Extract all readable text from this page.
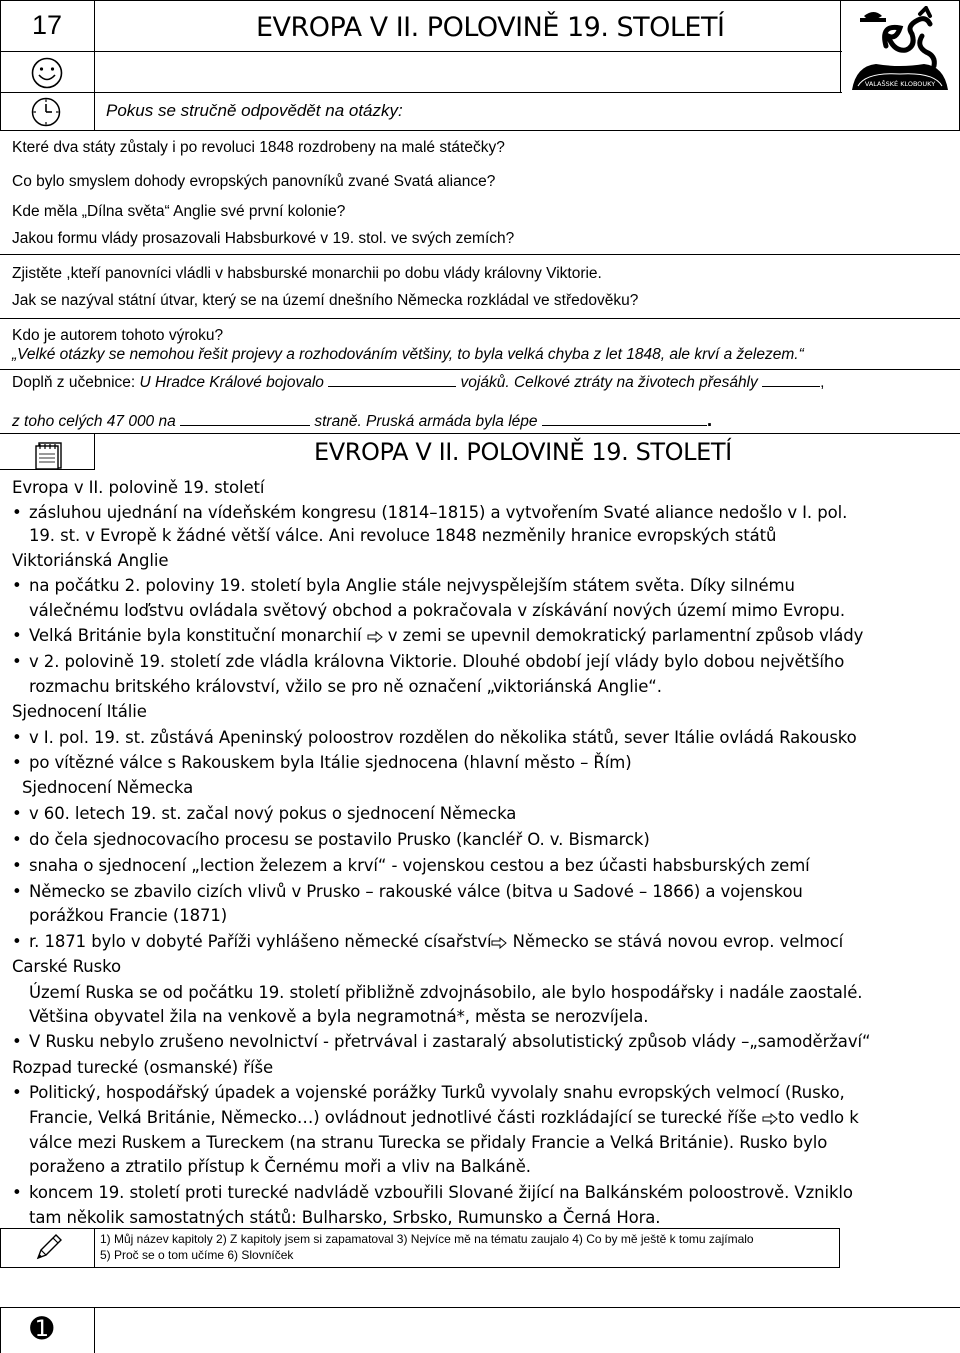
17	EVROPA V II. POLOVINĚ 19. STOLETÍ
Pokus se stručně odpovědět na otázky:
VALAŠSKÉ KLOBOUKY
Které dva státy zůstaly i po revoluci 1848 rozdrobeny na malé státečky?
Co bylo smyslem dohody evropských panovníků zvané Svatá aliance?
Kde měla „Dílna světa“ Anglie své první kolonie?
Jakou formu vlády prosazovali Habsburkové v 19. stol. ve svých zemích?
Zjistěte ,kteří panovníci vládli v habsburské monarchii po dobu vlády královny Viktorie.
Jak se nazýval státní útvar, který se na území dnešního Německa rozkládal ve středověku?
Kdo je autorem tohoto výroku?
„Velké otázky se nemohou řešit projevy a rozhodováním většiny, to byla velká chyba z let 1848, ale krví a železem.“
Doplň z učebnice: U Hradce Králové bojovalo	vojáků. Celkové ztráty na životech přesáhly	,
z toho celých 47 000 na	straně. Pruská armáda byla lépe	.
EVROPA V II. POLOVINĚ 19. STOLETÍ
Evropa v II. polovině 19. století
• zásluhou ujednání na vídeňském kongresu (1814–1815) a vytvořením Svaté aliance nedošlo v I. pol.
19. st. v Evropě k žádné větší válce. Ani revoluce 1848 nezměnily hranice evropských států
Viktoriánská Anglie
• na počátku 2. poloviny 19. století byla Anglie stále nejvyspělejším státem světa. Díky silnému
válečnému loďstvu ovládala světový obchod a pokračovala v získávání nových území mimo Evropu.
• Velká Británie byla konstituční monarchií v zemi se upevnil demokratický parlamentní způsob vlády
• v 2. polovině 19. století zde vládla královna Viktorie. Dlouhé období její vlády bylo dobou největšího
rozmachu britského království, vžilo se pro ně označení „viktoriánská Anglie“.
Sjednocení Itálie
• v I. pol. 19. st. zůstává Apeninský poloostrov rozdělen do několika států, sever Itálie ovládá Rakousko
• po vítězné válce s Rakouskem byla Itálie sjednocena (hlavní město – Řím)
Sjednocení Německa
• v 60. letech 19. st. začal nový pokus o sjednocení Německa
• do čela sjednocovacího procesu se postavilo Prusko (kancléř O. v. Bismarck)
• snaha o sjednocení „lection železem a krví“ - vojenskou cestou a bez účasti habsburských zemí
• Německo se zbavilo cizích vlivů v Prusko – rakouské válce (bitva u Sadové – 1866) a vojenskou
porážkou Francie (1871)
• r. 1871 bylo v dobyté Paříži vyhlášeno německé císařství Německo se stává novou evrop. velmocí
Carské Rusko
Území Ruska se od počátku 19. století přibližně zdvojnásobilo, ale bylo hospodářsky i nadále zaostalé.
Většina obyvatel žila na venkově a byla negramotná*, města se nerozvíjela.
• V Rusku nebylo zrušeno nevolnictví - přetrvával i zastaralý absolutistický způsob vlády –„samoděržaví“
Rozpad turecké (osmanské) říše
• Politický, hospodářský úpadek a vojenské porážky Turků vyvolaly snahu evropských velmocí (Rusko,
Francie, Velká Británie, Německo…) ovládnout jednotlivé části rozkládající se turecké říše to vedlo k
válce mezi Ruskem a Tureckem (na stranu Turecka se přidaly Francie a Velká Británie). Rusko bylo
poraženo a ztratilo přístup k Černému moři a vliv na Balkáně.
• koncem 19. století proti turecké nadvládě vzbouřili Slované žijící na Balkánském poloostrově. Vzniklo
tam několik samostatných států: Bulharsko, Srbsko, Rumunsko a Černá Hora.
1) Můj název kapitoly 2) Z kapitoly jsem si zapamatoval 3) Nejvíce mě na tématu zaujalo 4) Co by mě ještě k tomu zajímalo
5) Proč se o tom učíme 6) Slovníček
➊
